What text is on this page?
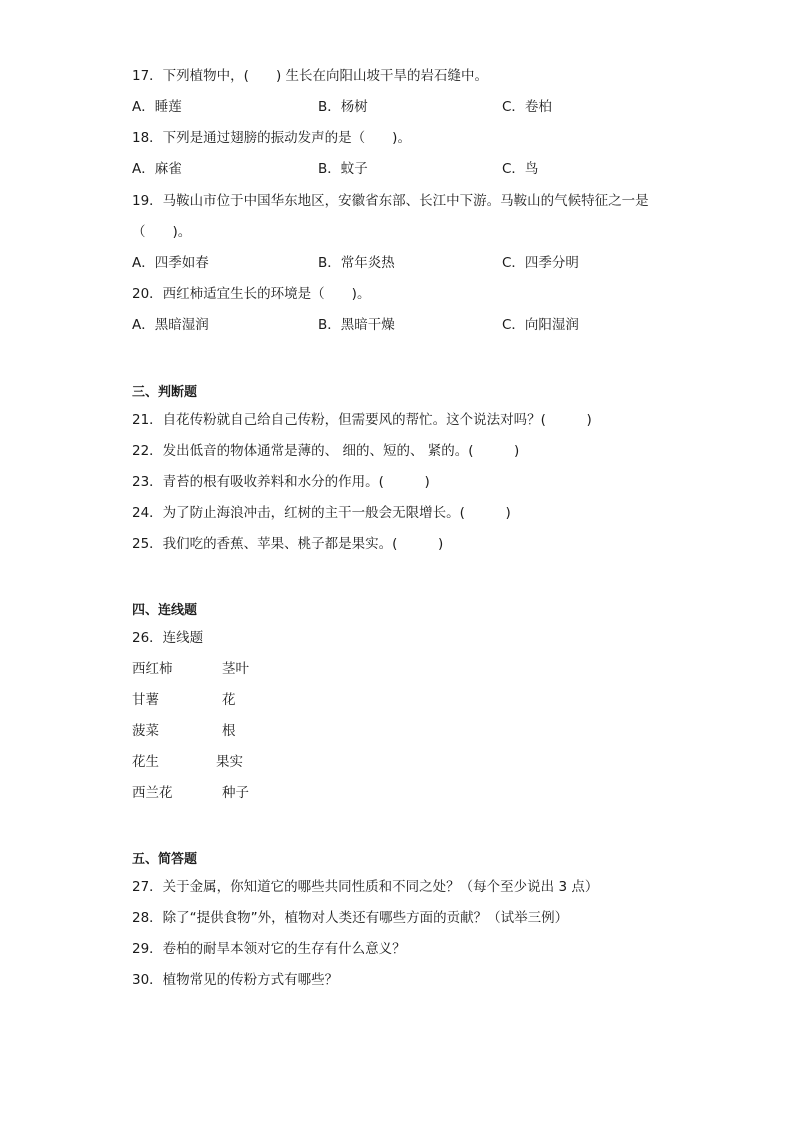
17．下列植物中，(　　) 生长在向阳山坡干旱的岩石缝中。
A．睡莲	B．杨树	C．卷柏
18．下列是通过翅膀的振动发声的是（　　)。
A．麻雀	B．蚊子	C．鸟
19．马鞍山市位于中国华东地区，安徽省东部、长江中下游。马鞍山的气候特征之一是
（　　)。
A．四季如春	B．常年炎热	C．四季分明
20．西红柿适宜生长的环境是（　　)。
A．黑暗湿润	B．黑暗干燥	C．向阳湿润
三、判断题
21．自花传粉就自己给自己传粉，但需要风的帮忙。这个说法对吗？(　　　)
22．发出低音的物体通常是薄的、 细的、短的、 紧的。(　　　)
23．青苔的根有吸收养料和水分的作用。(　　　)
24．为了防止海浪冲击，红树的主干一般会无限增长。(　　　)
25．我们吃的香蕉、苹果、桃子都是果实。(　　　)
四、连线题
26．连线题
西红柿	茎叶
甘薯	花
菠菜	根
花生	果实
西兰花	种子
五、简答题
27．关于金属，你知道它的哪些共同性质和不同之处？（每个至少说出 3 点）
28．除了“提供食物”外，植物对人类还有哪些方面的贡献？（试举三例）
29．卷柏的耐旱本领对它的生存有什么意义？
30．植物常见的传粉方式有哪些？
